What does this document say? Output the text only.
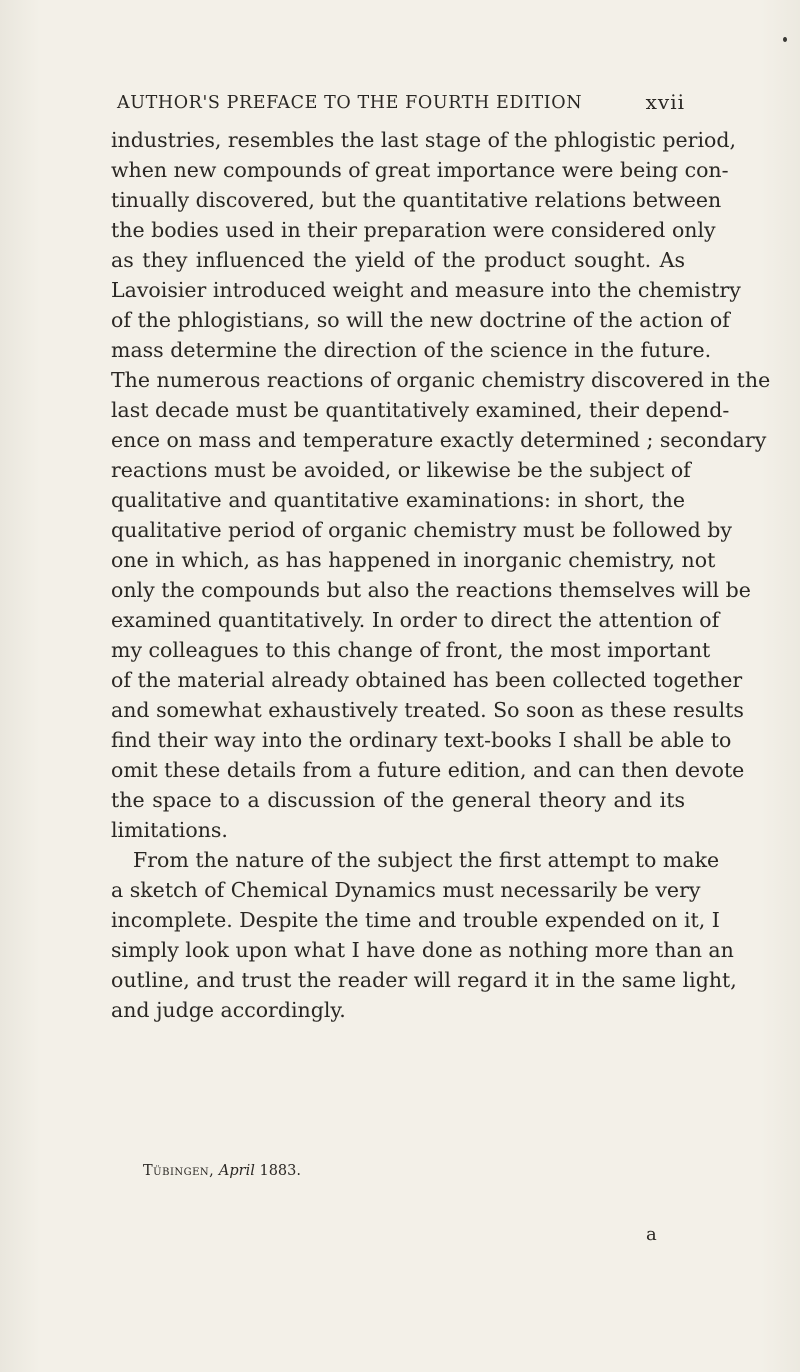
AUTHOR'S PREFACE TO THE FOURTH EDITION	xvii
industries, resembles the last stage of the phlogistic period,
when new compounds of great importance were being con-
tinually discovered, but the quantitative relations between
the bodies used in their preparation were considered only
as they influenced the yield of the product sought. As
Lavoisier introduced weight and measure into the chemistry
of the phlogistians, so will the new doctrine of the action of
mass determine the direction of the science in the future.
The numerous reactions of organic chemistry discovered in the
last decade must be quantitatively examined, their depend-
ence on mass and temperature exactly determined ; secondary
reactions must be avoided, or likewise be the subject of
qualitative and quantitative examinations: in short, the
qualitative period of organic chemistry must be followed by
one in which, as has happened in inorganic chemistry, not
only the compounds but also the reactions themselves will be
examined quantitatively. In order to direct the attention of
my colleagues to this change of front, the most important
of the material already obtained has been collected together
and somewhat exhaustively treated. So soon as these results
find their way into the ordinary text-books I shall be able to
omit these details from a future edition, and can then devote
the space to a discussion of the general theory and its
limitations.
From the nature of the subject the first attempt to make
a sketch of Chemical Dynamics must necessarily be very
incomplete. Despite the time and trouble expended on it, I
simply look upon what I have done as nothing more than an
outline, and trust the reader will regard it in the same light,
and judge accordingly.
Tübingen, April 1883.
a
